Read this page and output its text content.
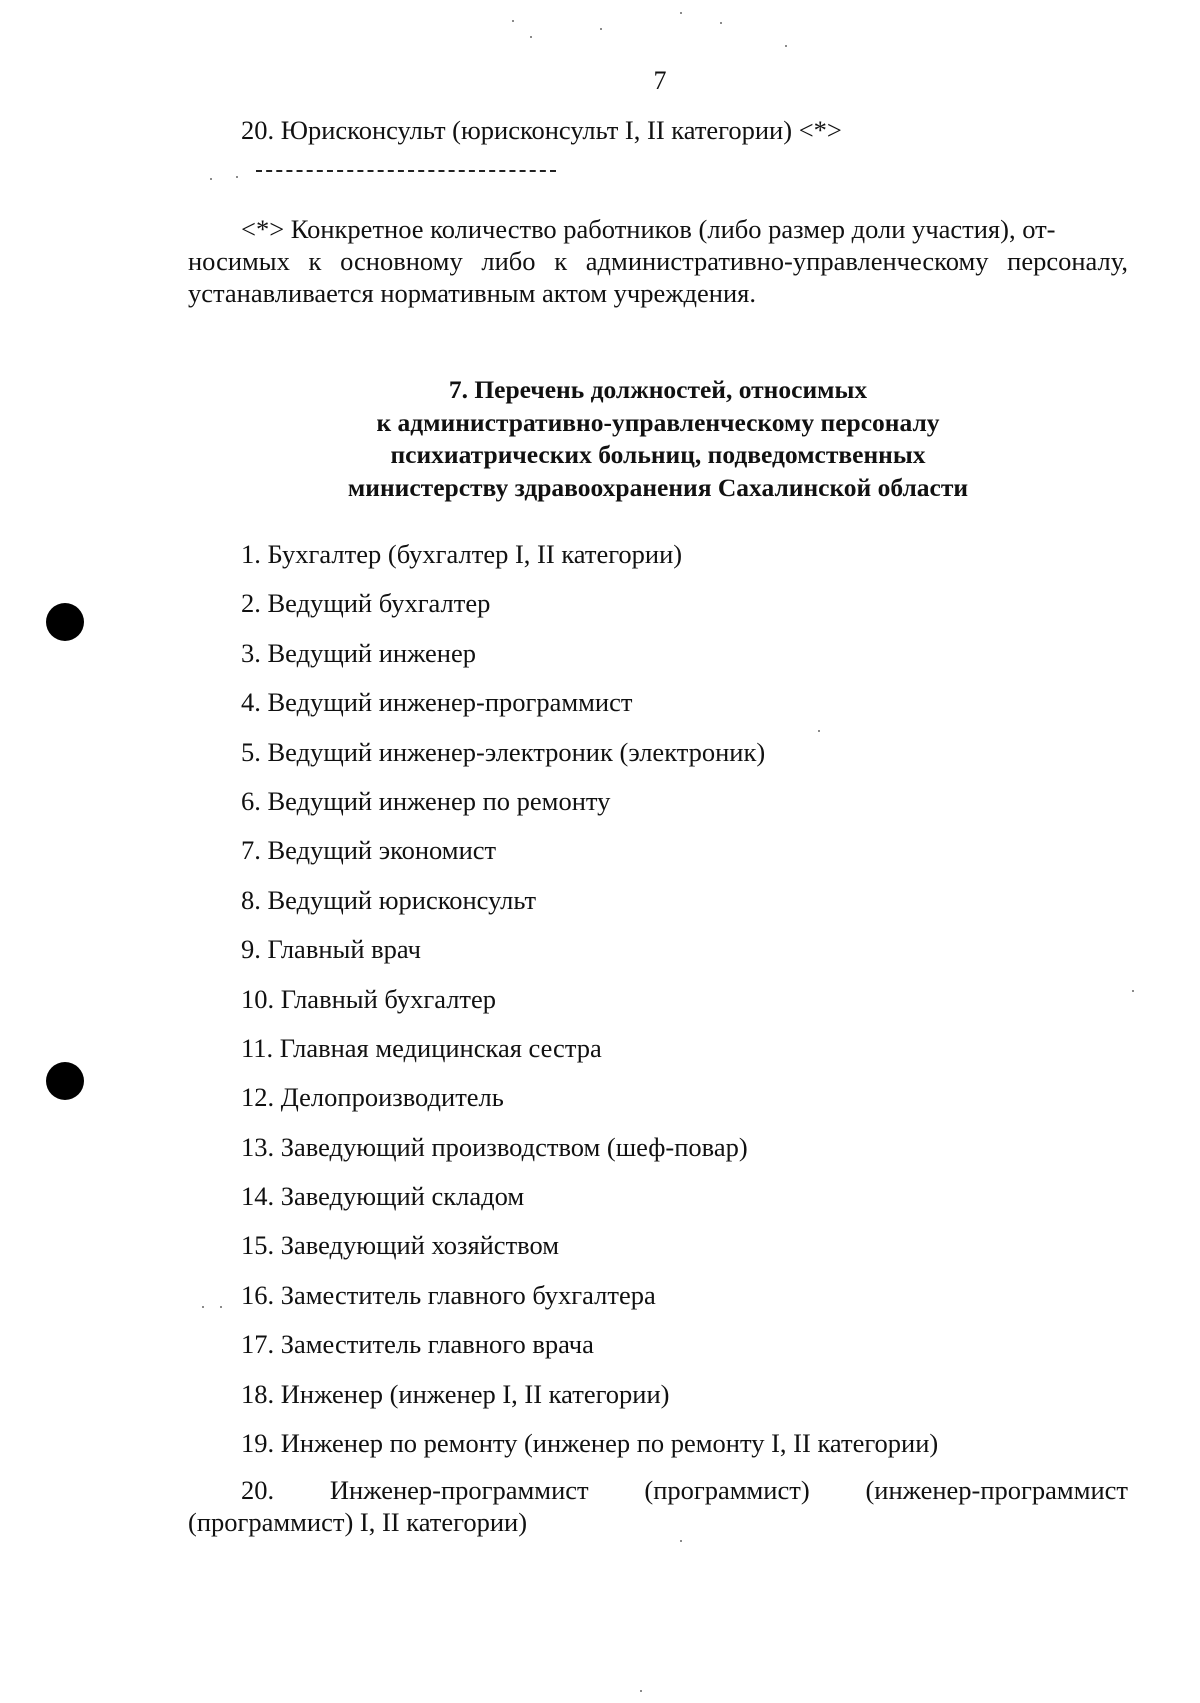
7
20. Юрисконсульт (юрисконсульт I, II категории) <*>
<*> Конкретное количество работников (либо размер доли участия), от-
носимых к основному либо к административно-управленческому персоналу, устанавливается нормативным актом учреждения.
7. Перечень должностей, относимых
к административно-управленческому персоналу
психиатрических больниц, подведомственных
министерству здравоохранения Сахалинской области
1. Бухгалтер (бухгалтер I, II категории)
2. Ведущий бухгалтер
3. Ведущий инженер
4. Ведущий инженер-программист
5. Ведущий инженер-электроник (электроник)
6. Ведущий инженер по ремонту
7. Ведущий экономист
8. Ведущий юрисконсульт
9. Главный врач
10. Главный бухгалтер
11. Главная медицинская сестра
12. Делопроизводитель
13. Заведующий производством (шеф-повар)
14. Заведующий складом
15. Заведующий хозяйством
16. Заместитель главного бухгалтера
17. Заместитель главного врача
18. Инженер (инженер I, II категории)
19. Инженер по ремонту (инженер по ремонту I, II категории)
20. Инженер-программист (программист) (инженер-программист (программист) I, II категории)
